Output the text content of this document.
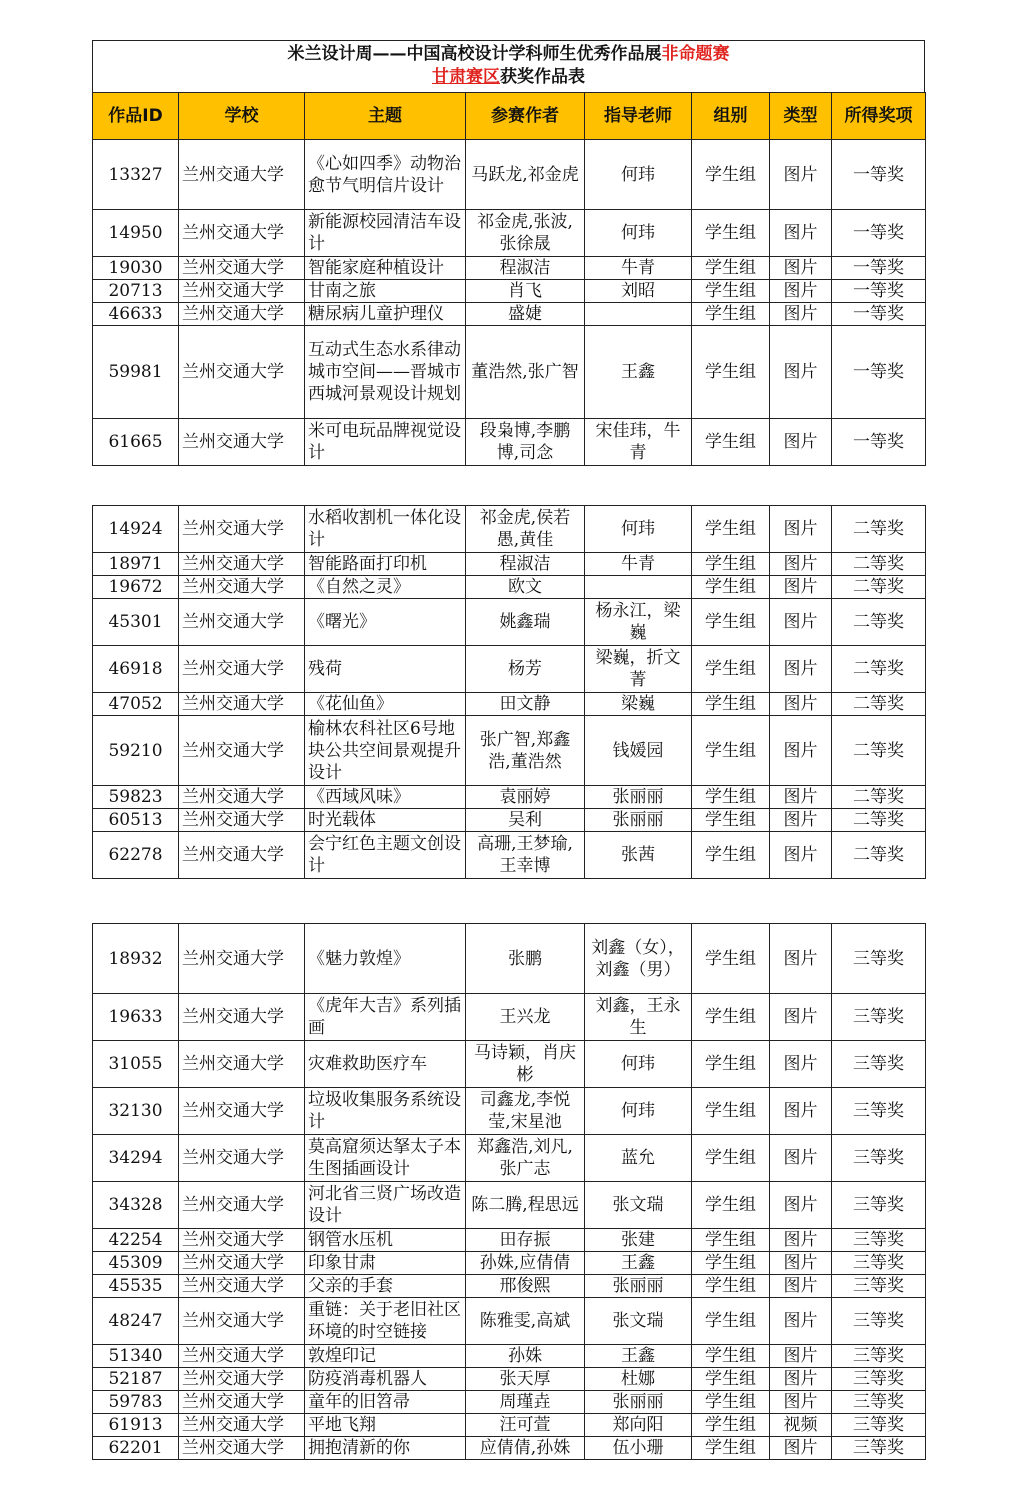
米兰设计周——中国高校设计学科师生优秀作品展非命题赛
甘肃赛区获奖作品表
作品ID	学校	主题	参赛作者	指导老师	组别	类型	所得奖项
13327	兰州交通大学	《心如四季》动物治愈节气明信片设计	马跃龙,祁金虎	何玮	学生组	图片	一等奖
14950	兰州交通大学	新能源校园清洁车设计	祁金虎,张波,张徐晟	何玮	学生组	图片	一等奖
19030	兰州交通大学	智能家庭种植设计	程淑洁	牛青	学生组	图片	一等奖
20713	兰州交通大学	甘南之旅	肖飞	刘昭	学生组	图片	一等奖
46633	兰州交通大学	糖尿病儿童护理仪	盛婕		学生组	图片	一等奖
59981	兰州交通大学	互动式生态水系律动城市空间——晋城市西城河景观设计规划	董浩然,张广智	王鑫	学生组	图片	一等奖
61665	兰州交通大学	米可电玩品牌视觉设计	段枭博,李鹏博,司念	宋佳玮，牛青	学生组	图片	一等奖
14924	兰州交通大学	水稻收割机一体化设计	祁金虎,侯若愚,黄佳	何玮	学生组	图片	二等奖
18971	兰州交通大学	智能路面打印机	程淑洁	牛青	学生组	图片	二等奖
19672	兰州交通大学	《自然之灵》	欧文		学生组	图片	二等奖
45301	兰州交通大学	《曙光》	姚鑫瑞	杨永江，梁巍	学生组	图片	二等奖
46918	兰州交通大学	残荷	杨芳	梁巍，折文菁	学生组	图片	二等奖
47052	兰州交通大学	《花仙鱼》	田文静	梁巍	学生组	图片	二等奖
59210	兰州交通大学	榆林农科社区6号地块公共空间景观提升设计	张广智,郑鑫浩,董浩然	钱媛园	学生组	图片	二等奖
59823	兰州交通大学	《西域风味》	袁丽婷	张丽丽	学生组	图片	二等奖
60513	兰州交通大学	时光载体	吴利	张丽丽	学生组	图片	二等奖
62278	兰州交通大学	会宁红色主题文创设计	高珊,王梦瑜,王幸博	张茜	学生组	图片	二等奖
18932	兰州交通大学	《魅力敦煌》	张鹏	刘鑫（女），刘鑫（男）	学生组	图片	三等奖
19633	兰州交通大学	《虎年大吉》系列插画	王兴龙	刘鑫，王永生	学生组	图片	三等奖
31055	兰州交通大学	灾难救助医疗车	马诗颖，肖庆彬	何玮	学生组	图片	三等奖
32130	兰州交通大学	垃圾收集服务系统设计	司鑫龙,李悦莹,宋星池	何玮	学生组	图片	三等奖
34294	兰州交通大学	莫高窟须达拏太子本生图插画设计	郑鑫浩,刘凡,张广志	蓝允	学生组	图片	三等奖
34328	兰州交通大学	河北省三贤广场改造设计	陈二腾,程思远	张文瑞	学生组	图片	三等奖
42254	兰州交通大学	钢管水压机	田存振	张建	学生组	图片	三等奖
45309	兰州交通大学	印象甘肃	孙姝,应倩倩	王鑫	学生组	图片	三等奖
45535	兰州交通大学	父亲的手套	邢俊熙	张丽丽	学生组	图片	三等奖
48247	兰州交通大学	重链：关于老旧社区环境的时空链接	陈雅雯,高斌	张文瑞	学生组	图片	三等奖
51340	兰州交通大学	敦煌印记	孙姝	王鑫	学生组	图片	三等奖
52187	兰州交通大学	防疫消毒机器人	张天厚	杜娜	学生组	图片	三等奖
59783	兰州交通大学	童年的旧笤帚	周瑾垚	张丽丽	学生组	图片	三等奖
61913	兰州交通大学	平地飞翔	汪可萱	郑向阳	学生组	视频	三等奖
62201	兰州交通大学	拥抱清新的你	应倩倩,孙姝	伍小珊	学生组	图片	三等奖
